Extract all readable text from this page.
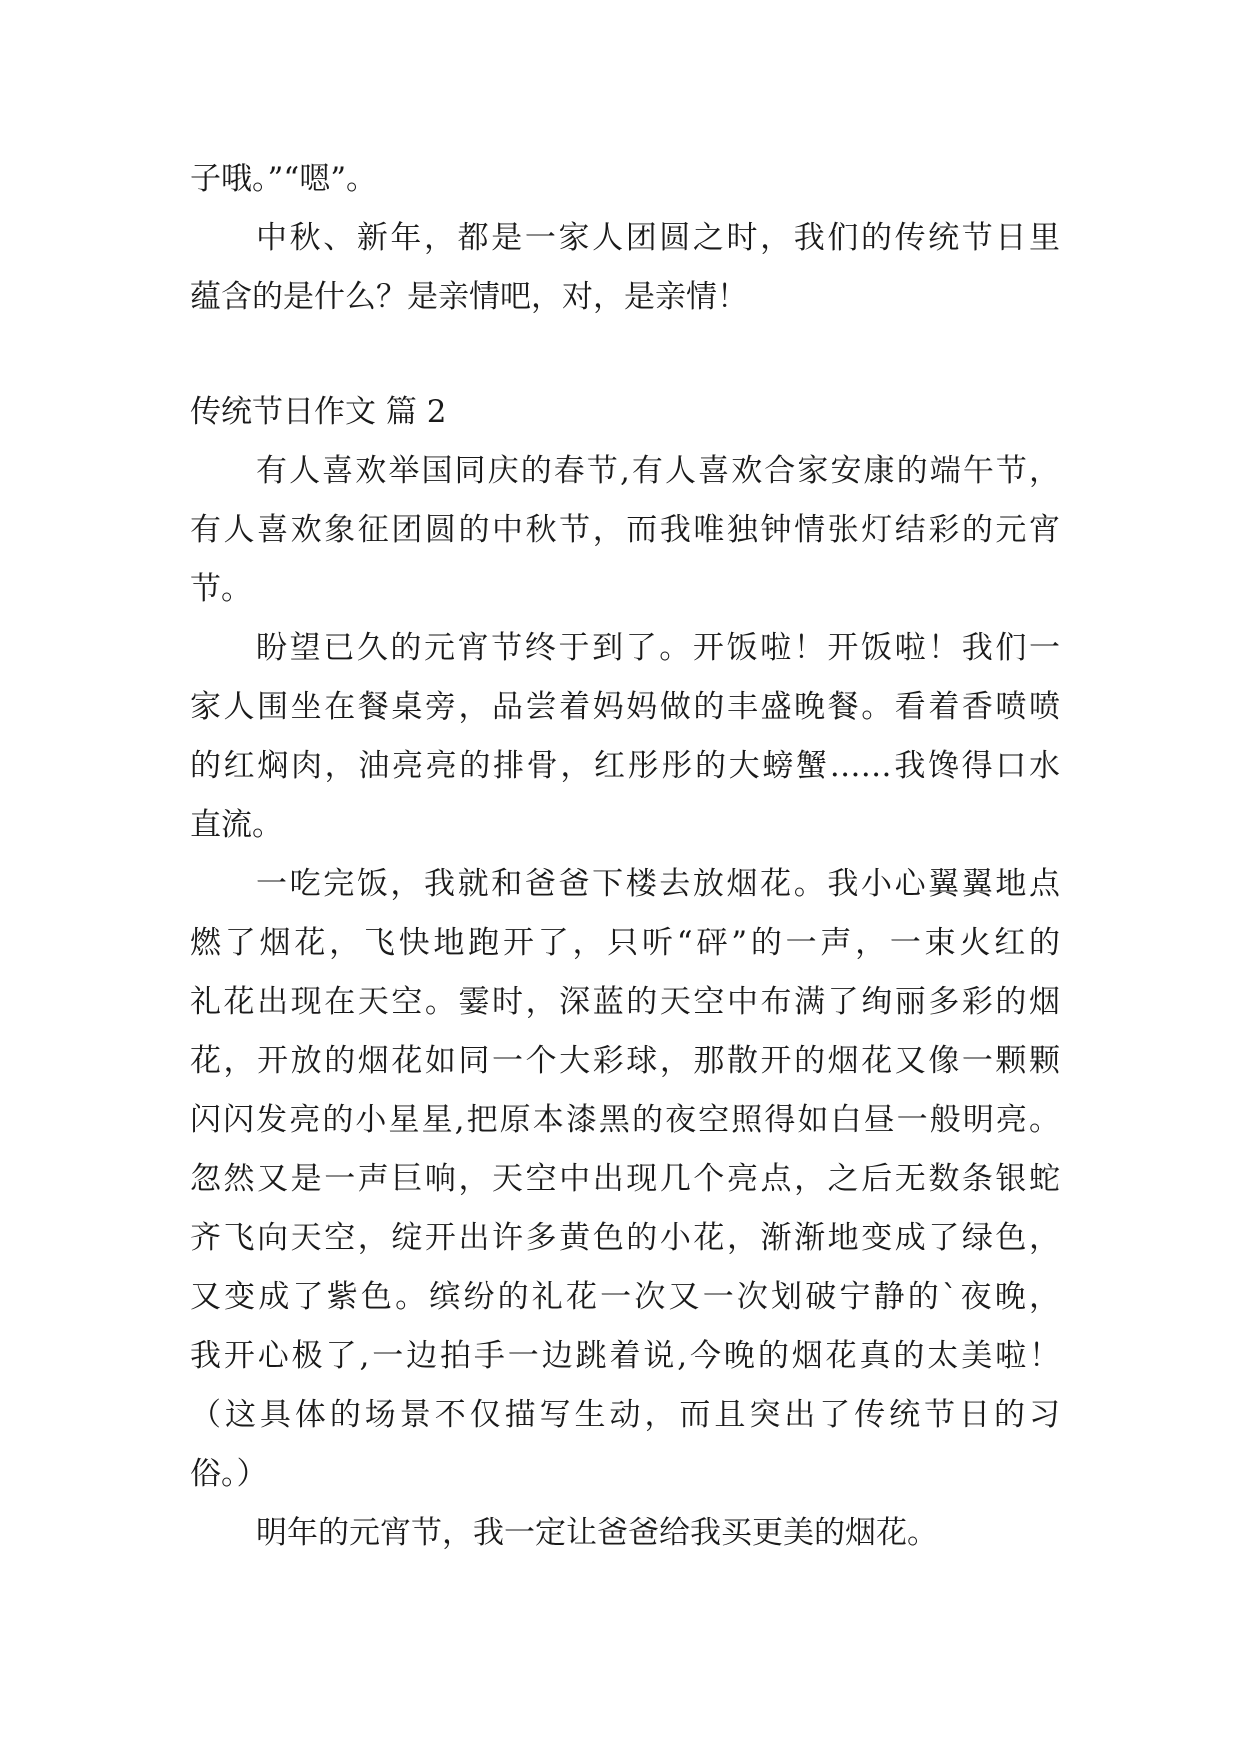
子哦。”“嗯”。

中秋、新年，都是一家人团圆之时，我们的传统节日里
蕴含的是什么？是亲情吧，对，是亲情！

传统节日作文 篇 2

有人喜欢举国同庆的春节,有人喜欢合家安康的端午节，
有人喜欢象征团圆的中秋节，而我唯独钟情张灯结彩的元宵
节。

盼望已久的元宵节终于到了。开饭啦！开饭啦！我们一
家人围坐在餐桌旁，品尝着妈妈做的丰盛晚餐。看着香喷喷
的红焖肉，油亮亮的排骨，红彤彤的大螃蟹……我馋得口水
直流。

一吃完饭，我就和爸爸下楼去放烟花。我小心翼翼地点
燃了烟花，飞快地跑开了，只听“砰”的一声，一束火红的
礼花出现在天空。霎时，深蓝的天空中布满了绚丽多彩的烟
花，开放的烟花如同一个大彩球，那散开的烟花又像一颗颗
闪闪发亮的小星星,把原本漆黑的夜空照得如白昼一般明亮。
忽然又是一声巨响，天空中出现几个亮点，之后无数条银蛇
齐飞向天空，绽开出许多黄色的小花，渐渐地变成了绿色，
又变成了紫色。缤纷的礼花一次又一次划破宁静的`夜晚，
我开心极了,一边拍手一边跳着说,今晚的烟花真的太美啦！
（这具体的场景不仅描写生动，而且突出了传统节日的习
俗。）

明年的元宵节，我一定让爸爸给我买更美的烟花。
